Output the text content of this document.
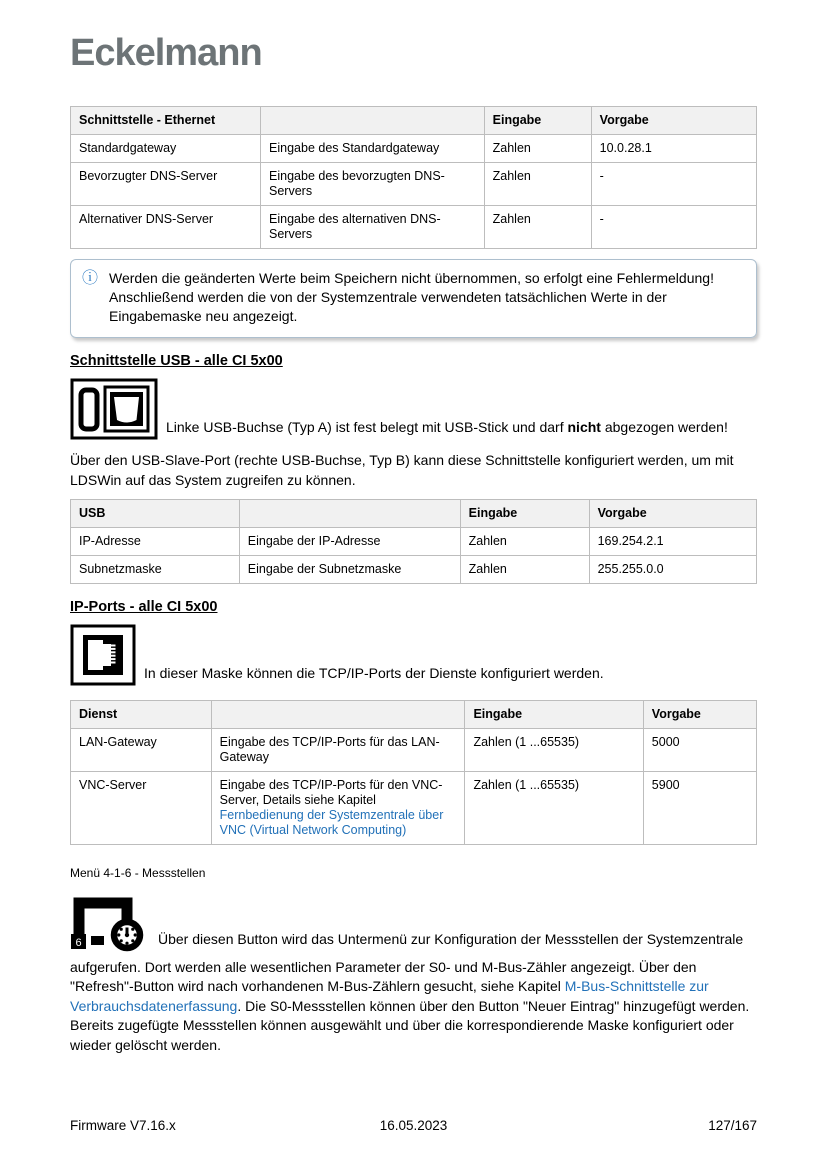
Eckelmann
Schnittstelle - Ethernet		Eingabe	Vorgabe
Standardgateway	Eingabe des Standardgateway	Zahlen	10.0.28.1
Bevorzugter DNS-Server	Eingabe des bevorzugten DNS-Servers	Zahlen	-
Alternativer DNS-Server	Eingabe des alternativen DNS-Servers	Zahlen	-
ⓘ Werden die geänderten Werte beim Speichern nicht übernommen, so erfolgt eine Fehlermeldung! Anschließend werden die von der Systemzentrale verwendeten tatsächlichen Werte in der Eingabemaske neu angezeigt.
Schnittstelle USB - alle CI 5x00

Linke USB-Buchse (Typ A) ist fest belegt mit USB-Stick und darf nicht abgezogen werden!

Über den USB-Slave-Port (rechte USB-Buchse, Typ B) kann diese Schnittstelle konfiguriert werden, um mit LDSWin auf das System zugreifen zu können.

USB		Eingabe	Vorgabe
IP-Adresse	Eingabe der IP-Adresse	Zahlen	169.254.2.1
Subnetzmaske	Eingabe der Subnetzmaske	Zahlen	255.255.0.0
IP-Ports - alle CI 5x00

In dieser Maske können die TCP/IP-Ports der Dienste konfiguriert werden.

Dienst		Eingabe	Vorgabe
LAN-Gateway	Eingabe des TCP/IP-Ports für das LAN-Gateway	Zahlen (1 ...65535)	5000
VNC-Server	Eingabe des TCP/IP-Ports für den VNC-Server, Details siehe Kapitel Fernbedienung der Systemzentrale über VNC (Virtual Network Computing)	Zahlen (1 ...65535)	5900
Menü 4-1-6 - Messstellen

6	Über diesen Button wird das Untermenü zur Konfiguration der Messstellen der Systemzentrale aufgerufen. Dort werden alle wesentlichen Parameter der S0- und M-Bus-Zähler angezeigt. Über den "Refresh"-Button wird nach vorhandenen M-Bus-Zählern gesucht, siehe Kapitel M-Bus-Schnittstelle zur Verbrauchsdatenerfassung. Die S0-Messstellen können über den Button "Neuer Eintrag" hinzugefügt werden. Bereits zugefügte Messstellen können ausgewählt und über die korrespondierende Maske konfiguriert oder wieder gelöscht werden.

Firmware V7.16.x	16.05.2023	127/167
